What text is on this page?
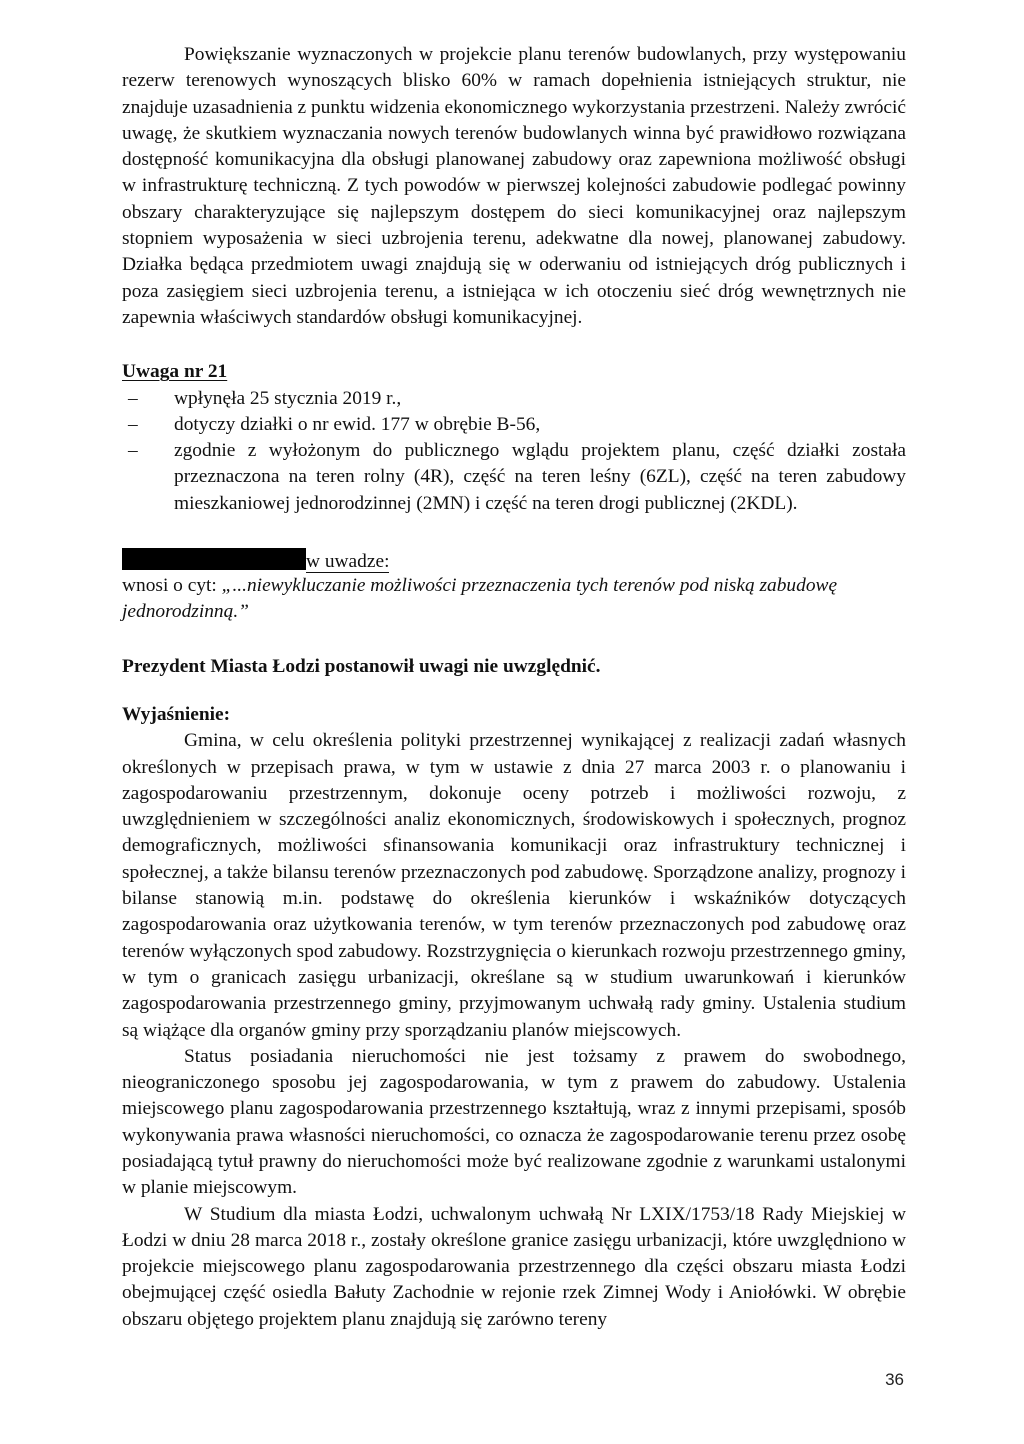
Powiększanie wyznaczonych w projekcie planu terenów budowlanych, przy występowaniu rezerw terenowych wynoszących blisko 60% w ramach dopełnienia istniejących struktur, nie znajduje uzasadnienia z punktu widzenia ekonomicznego wykorzystania przestrzeni. Należy zwrócić uwagę, że skutkiem wyznaczania nowych terenów budowlanych winna być prawidłowo rozwiązana dostępność komunikacyjna dla obsługi planowanej zabudowy oraz zapewniona możliwość obsługi w infrastrukturę techniczną. Z tych powodów w pierwszej kolejności zabudowie podlegać powinny obszary charakteryzujące się najlepszym dostępem do sieci komunikacyjnej oraz najlepszym stopniem wyposażenia w sieci uzbrojenia terenu, adekwatne dla nowej, planowanej zabudowy. Działka będąca przedmiotem uwagi znajdują się w oderwaniu od istniejących dróg publicznych i poza zasięgiem sieci uzbrojenia terenu, a istniejąca w ich otoczeniu sieć dróg wewnętrznych nie zapewnia właściwych standardów obsługi komunikacyjnej.

Uwaga nr 21

– wpłynęła 25 stycznia 2019 r.,
– dotyczy działki o nr ewid. 177 w obrębie B-56,
– zgodnie z wyłożonym do publicznego wglądu projektem planu, część działki została przeznaczona na teren rolny (4R), część na teren leśny (6ZL), część na teren zabudowy mieszkaniowej jednorodzinnej (2MN) i część na teren drogi publicznej (2KDL).
w uwadze:

wnosi o cyt: „...niewykluczanie możliwości przeznaczenia tych terenów pod niską zabudowę jednorodzinną.”

Prezydent Miasta Łodzi postanowił uwagi nie uwzględnić.

Wyjaśnienie:

Gmina, w celu określenia polityki przestrzennej wynikającej z realizacji zadań własnych określonych w przepisach prawa, w tym w ustawie z dnia 27 marca 2003 r. o planowaniu i zagospodarowaniu przestrzennym, dokonuje oceny potrzeb i możliwości rozwoju, z uwzględnieniem w szczególności analiz ekonomicznych, środowiskowych i społecznych, prognoz demograficznych, możliwości sfinansowania komunikacji oraz infrastruktury technicznej i społecznej, a także bilansu terenów przeznaczonych pod zabudowę. Sporządzone analizy, prognozy i bilanse stanowią m.in. podstawę do określenia kierunków i wskaźników dotyczących zagospodarowania oraz użytkowania terenów, w tym terenów przeznaczonych pod zabudowę oraz terenów wyłączonych spod zabudowy. Rozstrzygnięcia o kierunkach rozwoju przestrzennego gminy, w tym o granicach zasięgu urbanizacji, określane są w studium uwarunkowań i kierunków zagospodarowania przestrzennego gminy, przyjmowanym uchwałą rady gminy. Ustalenia studium są wiążące dla organów gminy przy sporządzaniu planów miejscowych.

Status posiadania nieruchomości nie jest tożsamy z prawem do swobodnego, nieograniczonego sposobu jej zagospodarowania, w tym z prawem do zabudowy. Ustalenia miejscowego planu zagospodarowania przestrzennego kształtują, wraz z innymi przepisami, sposób wykonywania prawa własności nieruchomości, co oznacza że zagospodarowanie terenu przez osobę posiadającą tytuł prawny do nieruchomości może być realizowane zgodnie z warunkami ustalonymi w planie miejscowym.

W Studium dla miasta Łodzi, uchwalonym uchwałą Nr LXIX/1753/18 Rady Miejskiej w Łodzi w dniu 28 marca 2018 r., zostały określone granice zasięgu urbanizacji, które uwzględniono w projekcie miejscowego planu zagospodarowania przestrzennego dla części obszaru miasta Łodzi obejmującej część osiedla Bałuty Zachodnie w rejonie rzek Zimnej Wody i Aniołówki. W obrębie obszaru objętego projektem planu znajdują się zarówno tereny

36
